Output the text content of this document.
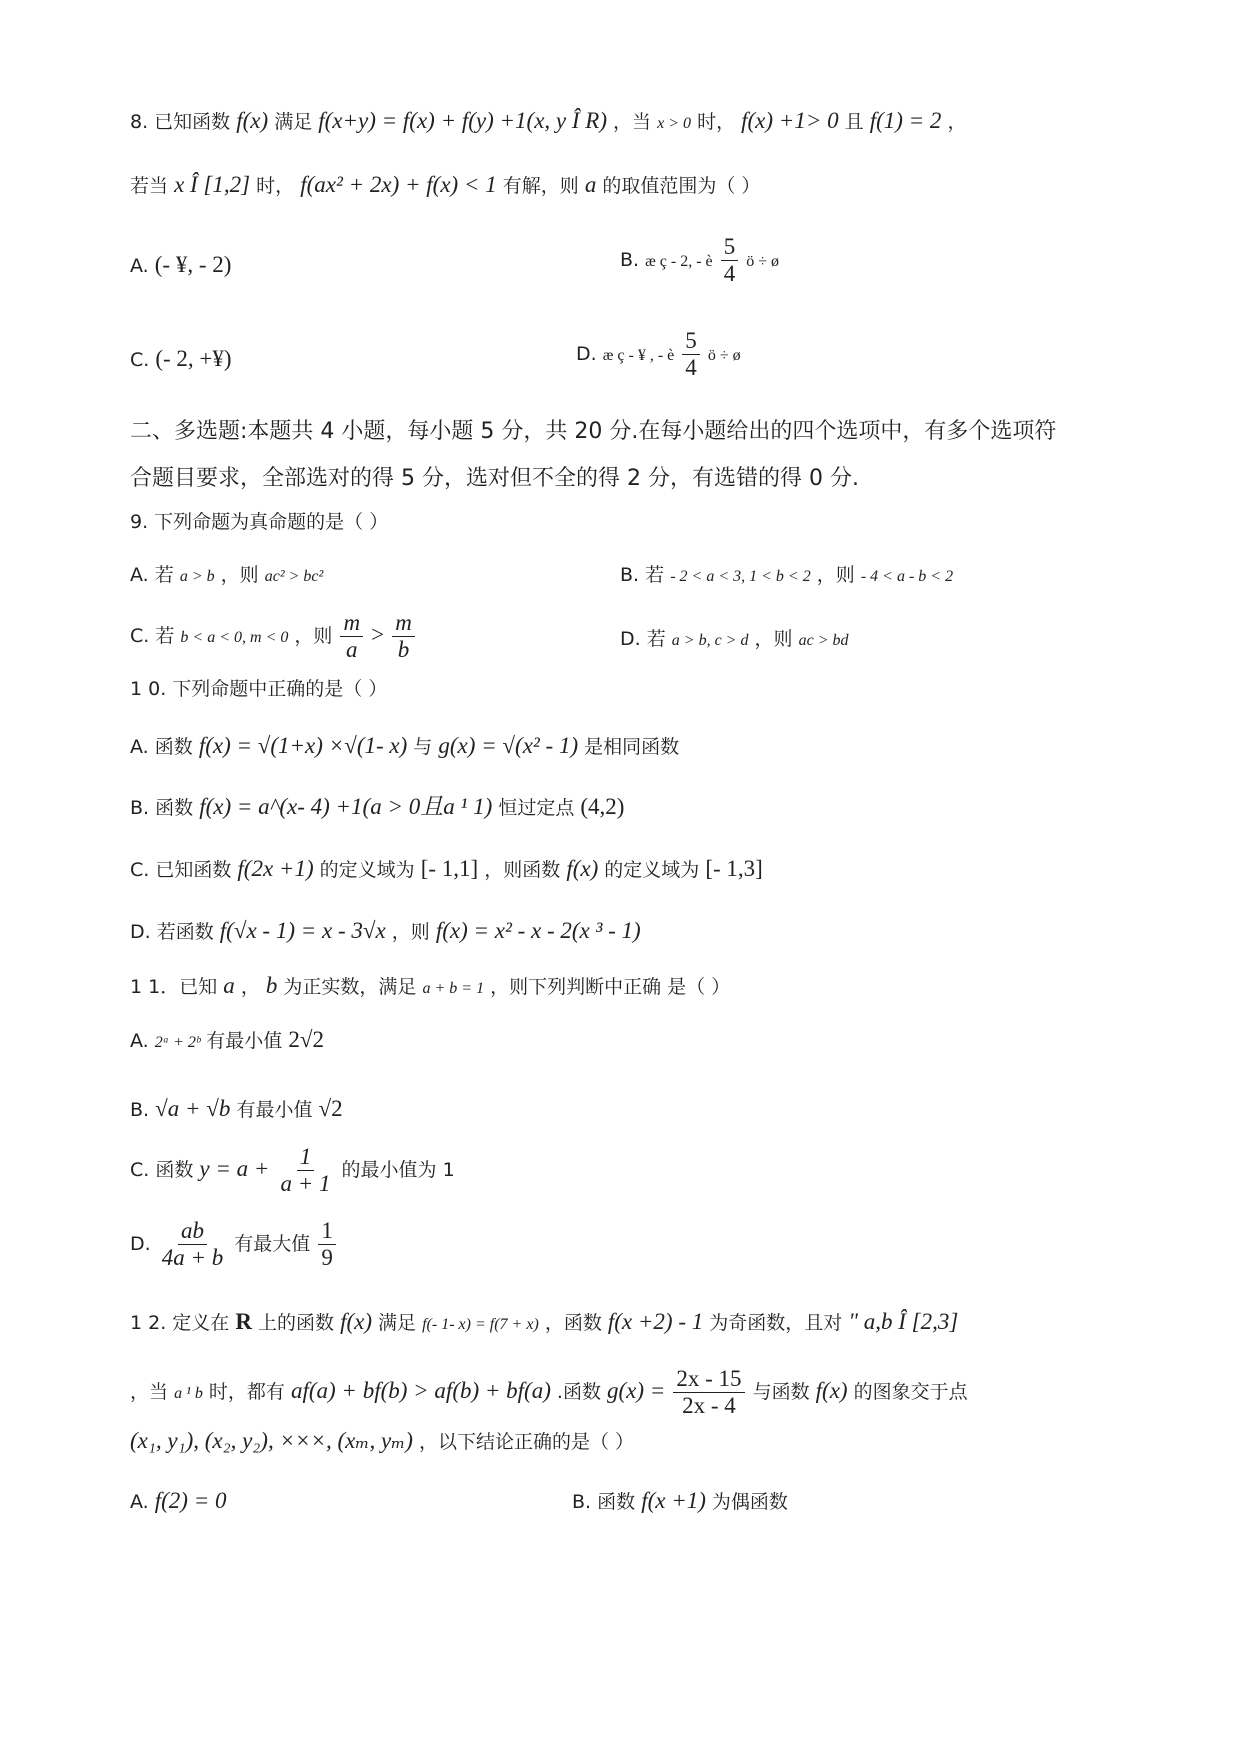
8. 已知函数 f(x) 满足 f(x+y) = f(x) + f(y) +1(x, y Î R) ，当 x > 0 时， f(x) +1> 0 且 f(1) = 2 ，
若当 x Î [1,2] 时， f(ax² + 2x) + f(x) < 1 有解，则 a 的取值范围为（ ）
A. (- ¥, - 2)	B. æ ç - 2, - è $\frac{5}{4}$ ö ÷ ø
C. (- 2, +¥)	D. æ ç - ¥ , - è $\frac{5}{4}$ ö ÷ ø
二、多选题:本题共 4 小题，每小题 5 分，共 20 分.在每小题给出的四个选项中，有多个选项符
合题目要求，全部选对的得 5 分，选对但不全的得 2 分，有选错的得 0 分.
9. 下列命题为真命题的是（ ）
A. 若 a > b ，则 ac² > bc²	B. 若 - 2 < a < 3, 1 < b < 2 ，则 - 4 < a - b < 2
C. 若 b < a < 0, m < 0 ，则 $\frac{m}{a} > \frac{m}{b}$	D. 若 a > b, c > d ，则 ac > bd
1 0. 下列命题中正确的是（ ）
A. 函数 f(x) = √(1+x) ×√(1- x) 与 g(x) = √(x² - 1) 是相同函数
B. 函数 f(x) = a^(x- 4) +1(a > 0且a ¹ 1) 恒过定点 (4,2)
C. 已知函数 f(2x +1) 的定义域为 [- 1,1] ，则函数 f(x) 的定义域为 [- 1,3]
D. 若函数 f(√x - 1) = x - 3√x ，则 f(x) = x² - x - 2(x ³ - 1)
1 1．已知 a ， b 为正实数，满足 a + b = 1 ，则下列判断中正确 是（ ）
A. 2ᵃ + 2ᵇ 有最小值 2√2
B. √a + √b 有最小值 √2
C. 函数 $y = a + \frac{1}{a + 1}$ 的最小值为 1
D. $\frac{ab}{4a + b}$ 有最大值 $\frac{1}{9}$
1 2. 定义在 R 上的函数 f(x) 满足 f(- 1- x) = f(7 + x) ，函数 f(x +2) - 1 为奇函数，且对 " a,b Î [2,3]
，当 a ¹ b 时，都有 af(a) + bf(b) > af(b) + bf(a) .函数 $g(x) = \frac{2x - 15}{2x - 4}$ 与函数 f(x) 的图象交于点
(x₁, y₁), (x₂, y₂), ×××, (xₘ, yₘ) ，以下结论正确的是（ ）
A. f(2) = 0	B. 函数 f(x +1) 为偶函数
